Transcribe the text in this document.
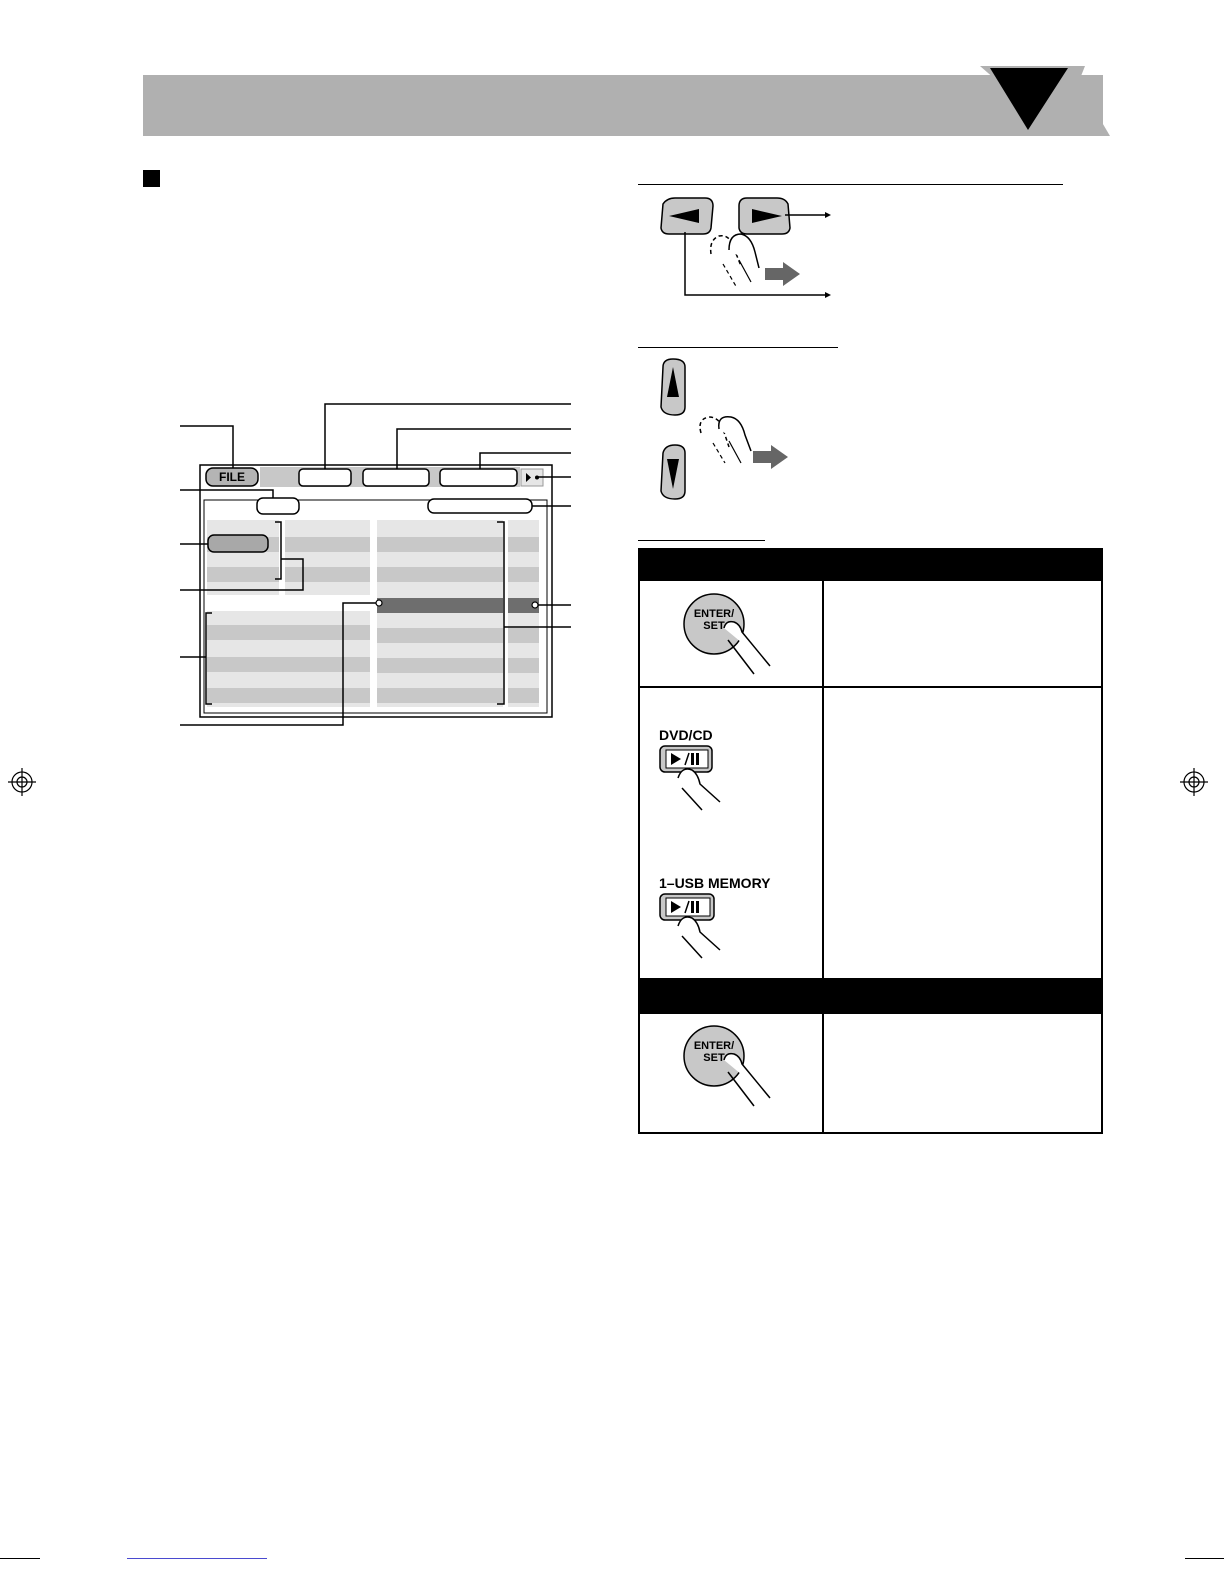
FILE
ENTER/
SET
DVD/CD
1–USB MEMORY
ENTER/
SET
